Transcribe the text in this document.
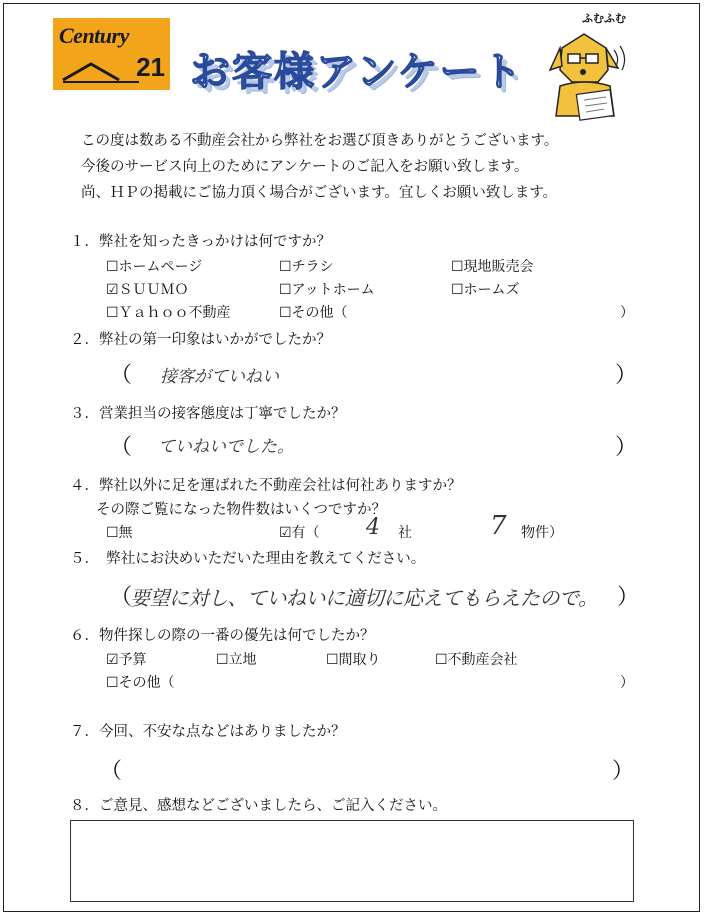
Century
21 お客様アンケート
ふむふむ
この度は数ある不動産会社から弊社をお選び頂きありがとうございます。
今後のサービス向上のためにアンケートのご記入をお願い致します。
尚、ＨＰの掲載にご協力頂く場合がございます。宜しくお願い致します。
１．弊社を知ったきっかけは何ですか？
☐ホームページ	☐チラシ	☐現地販売会
☑ＳＵＵＭＯ	☐アットホーム	☐ホームズ
☐Ｙａｈｏｏ不動産	☐その他（	）
２．弊社の第一印象はいかがでしたか？
（ 接客がていねい	）
３．営業担当の接客態度は丁寧でしたか？
（ ていねいでした。	）
４．弊社以外に足を運ばれた不動産会社は何社ありますか？
その際ご覧になった物件数はいくつですか？
☐無	☑有（ 4 社	7 物件）
５．　弊社にお決めいただいた理由を教えてください。
（
要望に対し、ていねいに適切に応えてもらえたので。 ）
６．物件探しの際の一番の優先は何でしたか？
☑予算	☐立地	☐間取り	☐不動産会社
☐その他（	）
７．今回、不安な点などはありましたか？
（	）
８．ご意見、感想などございましたら、ご記入ください。
